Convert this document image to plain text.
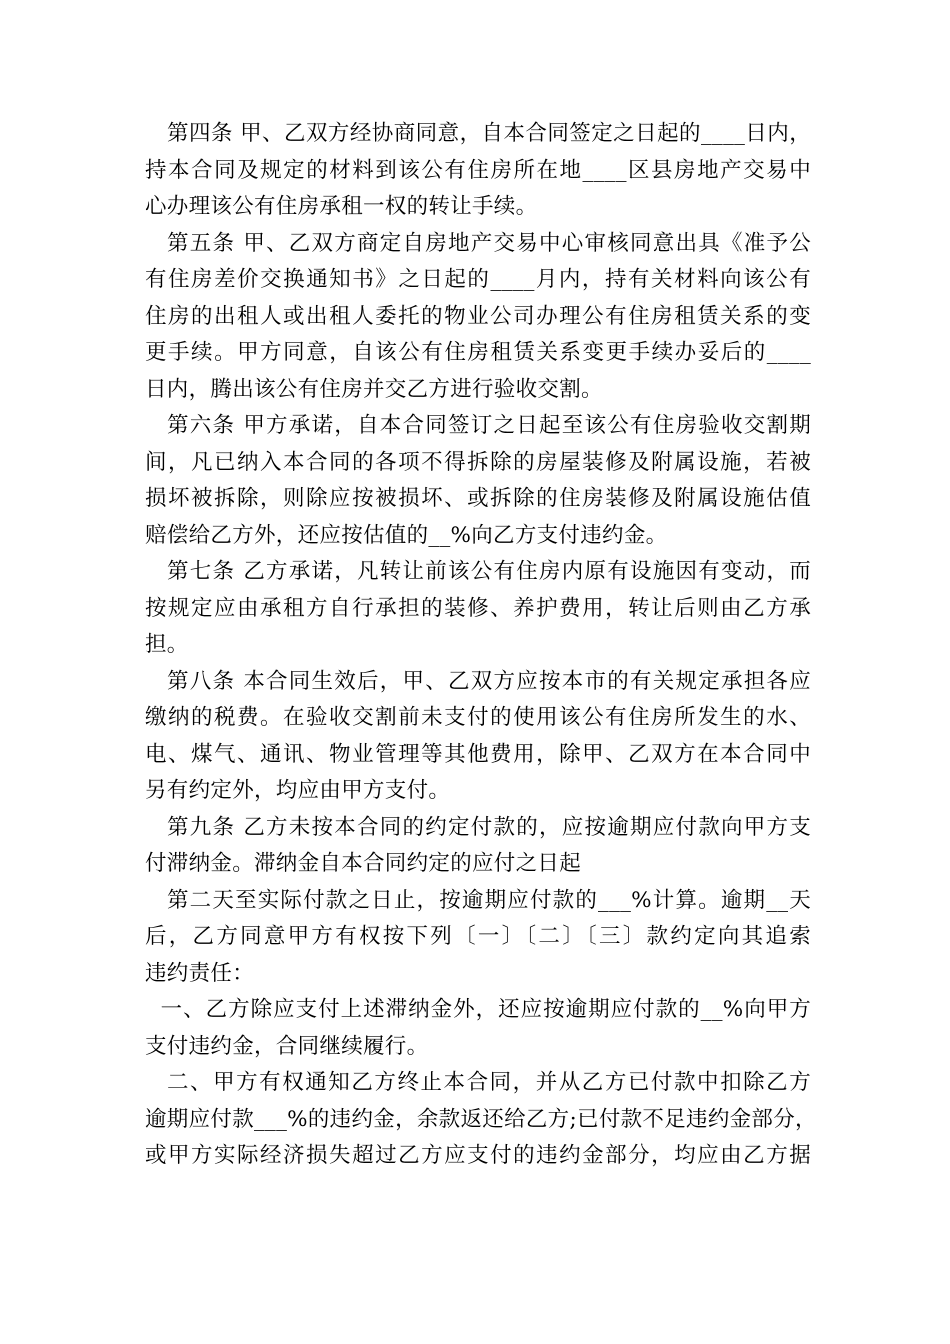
第四条 甲、乙双方经协商同意，自本合同签定之日起的____日内，
持本合同及规定的材料到该公有住房所在地____区县房地产交易中
心办理该公有住房承租一权的转让手续。
第五条 甲、乙双方商定自房地产交易中心审核同意出具《准予公
有住房差价交换通知书》之日起的____月内，持有关材料向该公有
住房的出租人或出租人委托的物业公司办理公有住房租赁关系的变
更手续。甲方同意，自该公有住房租赁关系变更手续办妥后的____
日内，腾出该公有住房并交乙方进行验收交割。
第六条 甲方承诺，自本合同签订之日起至该公有住房验收交割期
间，凡已纳入本合同的各项不得拆除的房屋装修及附属设施，若被
损坏被拆除，则除应按被损坏、或拆除的住房装修及附属设施估值
赔偿给乙方外，还应按估值的__%向乙方支付违约金。
第七条 乙方承诺，凡转让前该公有住房内原有设施因有变动，而
按规定应由承租方自行承担的装修、养护费用，转让后则由乙方承
担。
第八条 本合同生效后，甲、乙双方应按本市的有关规定承担各应
缴纳的税费。在验收交割前未支付的使用该公有住房所发生的水、
电、煤气、通讯、物业管理等其他费用，除甲、乙双方在本合同中
另有约定外，均应由甲方支付。
第九条 乙方未按本合同的约定付款的，应按逾期应付款向甲方支
付滞纳金。滞纳金自本合同约定的应付之日起
第二天至实际付款之日止，按逾期应付款的___%计算。逾期__天
后，乙方同意甲方有权按下列〔一〕〔二〕〔三〕款约定向其追索
违约责任：
一、乙方除应支付上述滞纳金外，还应按逾期应付款的__%向甲方
支付违约金，合同继续履行。
二、甲方有权通知乙方终止本合同，并从乙方已付款中扣除乙方
逾期应付款___%的违约金，余款返还给乙方;已付款不足违约金部分，
或甲方实际经济损失超过乙方应支付的违约金部分，均应由乙方据
